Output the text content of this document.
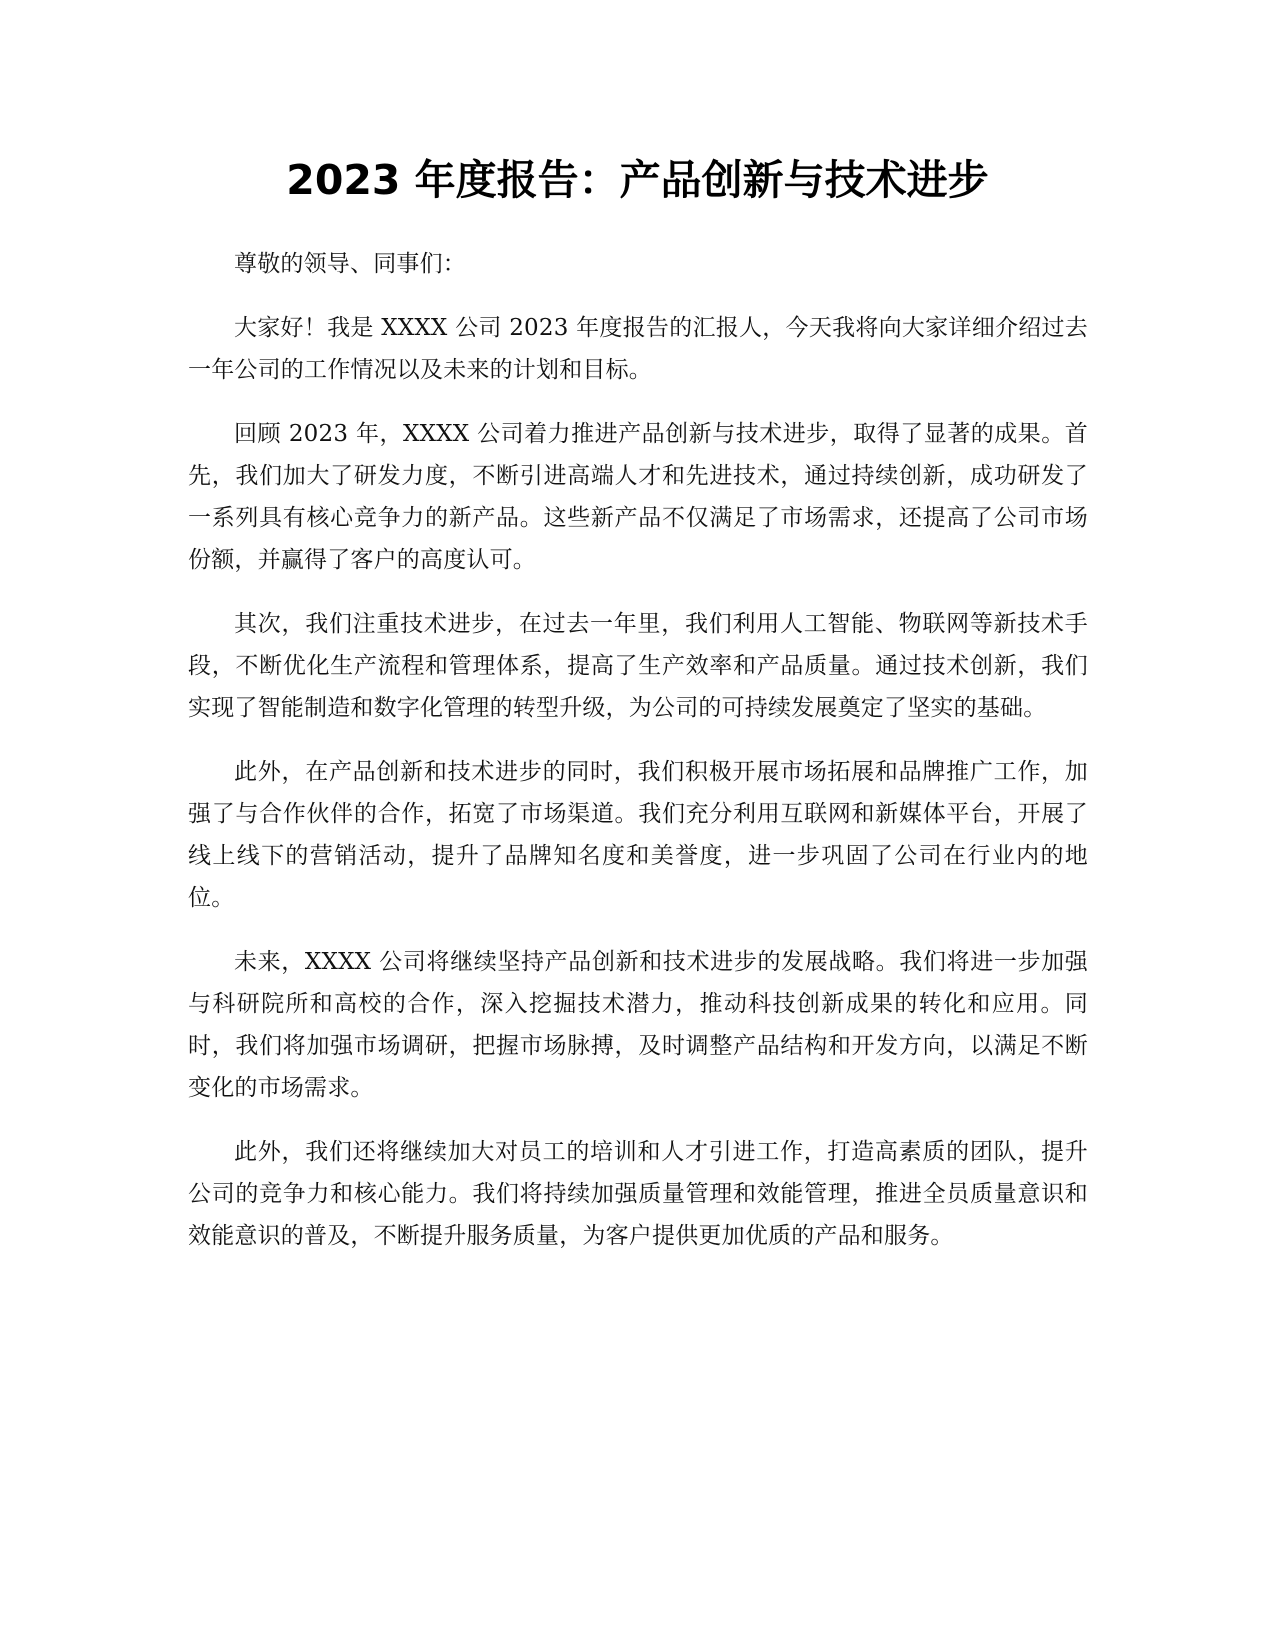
2023 年度报告：产品创新与技术进步

尊敬的领导、同事们：

大家好！我是 XXXX 公司 2023 年度报告的汇报人，今天我将向大家详细介绍过去一年公司的工作情况以及未来的计划和目标。

回顾 2023 年，XXXX 公司着力推进产品创新与技术进步，取得了显著的成果。首先，我们加大了研发力度，不断引进高端人才和先进技术，通过持续创新，成功研发了一系列具有核心竞争力的新产品。这些新产品不仅满足了市场需求，还提高了公司市场份额，并赢得了客户的高度认可。

其次，我们注重技术进步，在过去一年里，我们利用人工智能、物联网等新技术手段，不断优化生产流程和管理体系，提高了生产效率和产品质量。通过技术创新，我们实现了智能制造和数字化管理的转型升级，为公司的可持续发展奠定了坚实的基础。

此外，在产品创新和技术进步的同时，我们积极开展市场拓展和品牌推广工作，加强了与合作伙伴的合作，拓宽了市场渠道。我们充分利用互联网和新媒体平台，开展了线上线下的营销活动，提升了品牌知名度和美誉度，进一步巩固了公司在行业内的地位。

未来，XXXX 公司将继续坚持产品创新和技术进步的发展战略。我们将进一步加强与科研院所和高校的合作，深入挖掘技术潜力，推动科技创新成果的转化和应用。同时，我们将加强市场调研，把握市场脉搏，及时调整产品结构和开发方向，以满足不断变化的市场需求。

此外，我们还将继续加大对员工的培训和人才引进工作，打造高素质的团队，提升公司的竞争力和核心能力。我们将持续加强质量管理和效能管理，推进全员质量意识和效能意识的普及，不断提升服务质量，为客户提供更加优质的产品和服务。
